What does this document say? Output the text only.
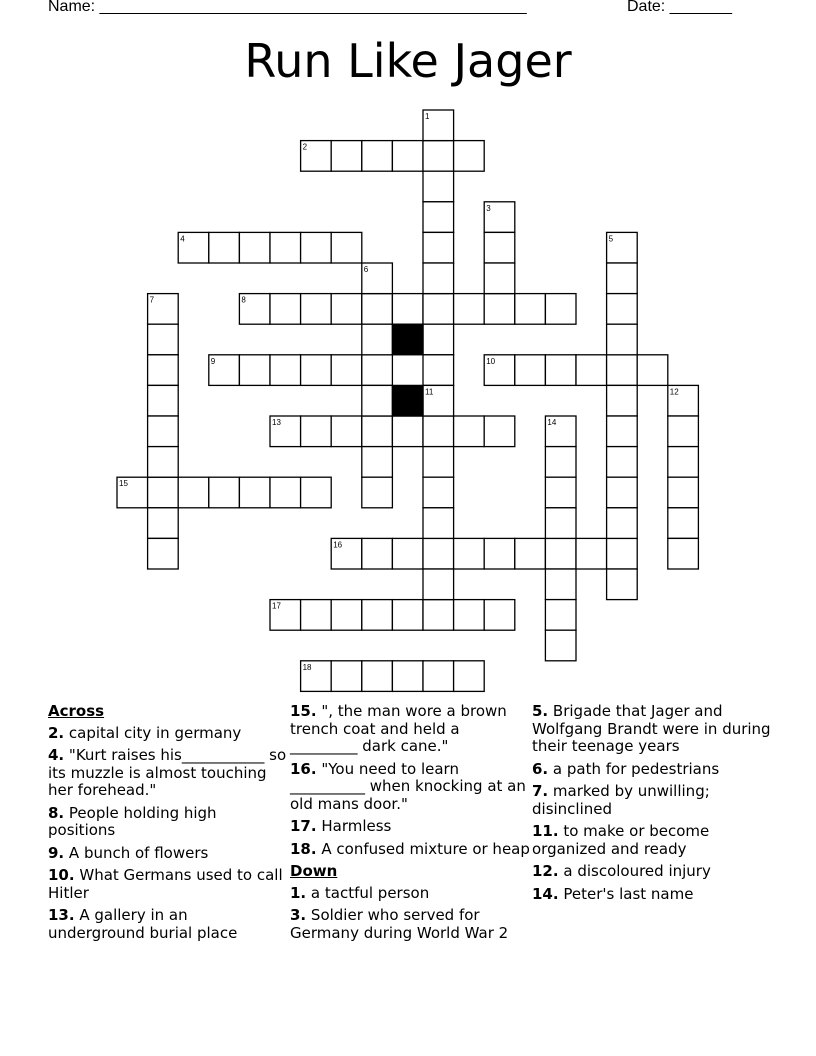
Name: ________________________________________________	Date: _______
Run Like Jager
1
2
3
4	5
6
7	8
9	10
11	12
13	14
15
16
17
18
Across
2. capital city in germany
4. "Kurt raises his___________ so its muzzle is almost touching her forehead."
8. People holding high positions
9. A bunch of flowers
10. What Germans used to call Hitler
13. A gallery in an underground burial place
15. ", the man wore a brown trench coat and held a _________ dark cane."
16. "You need to learn __________ when knocking at an old mans door."
17. Harmless
18. A confused mixture or heap
Down
1. a tactful person
3. Soldier who served for Germany during World War 2
5. Brigade that Jager and Wolfgang Brandt were in during their teenage years
6. a path for pedestrians
7. marked by unwilling; disinclined
11. to make or become organized and ready
12. a discoloured injury
14. Peter's last name
